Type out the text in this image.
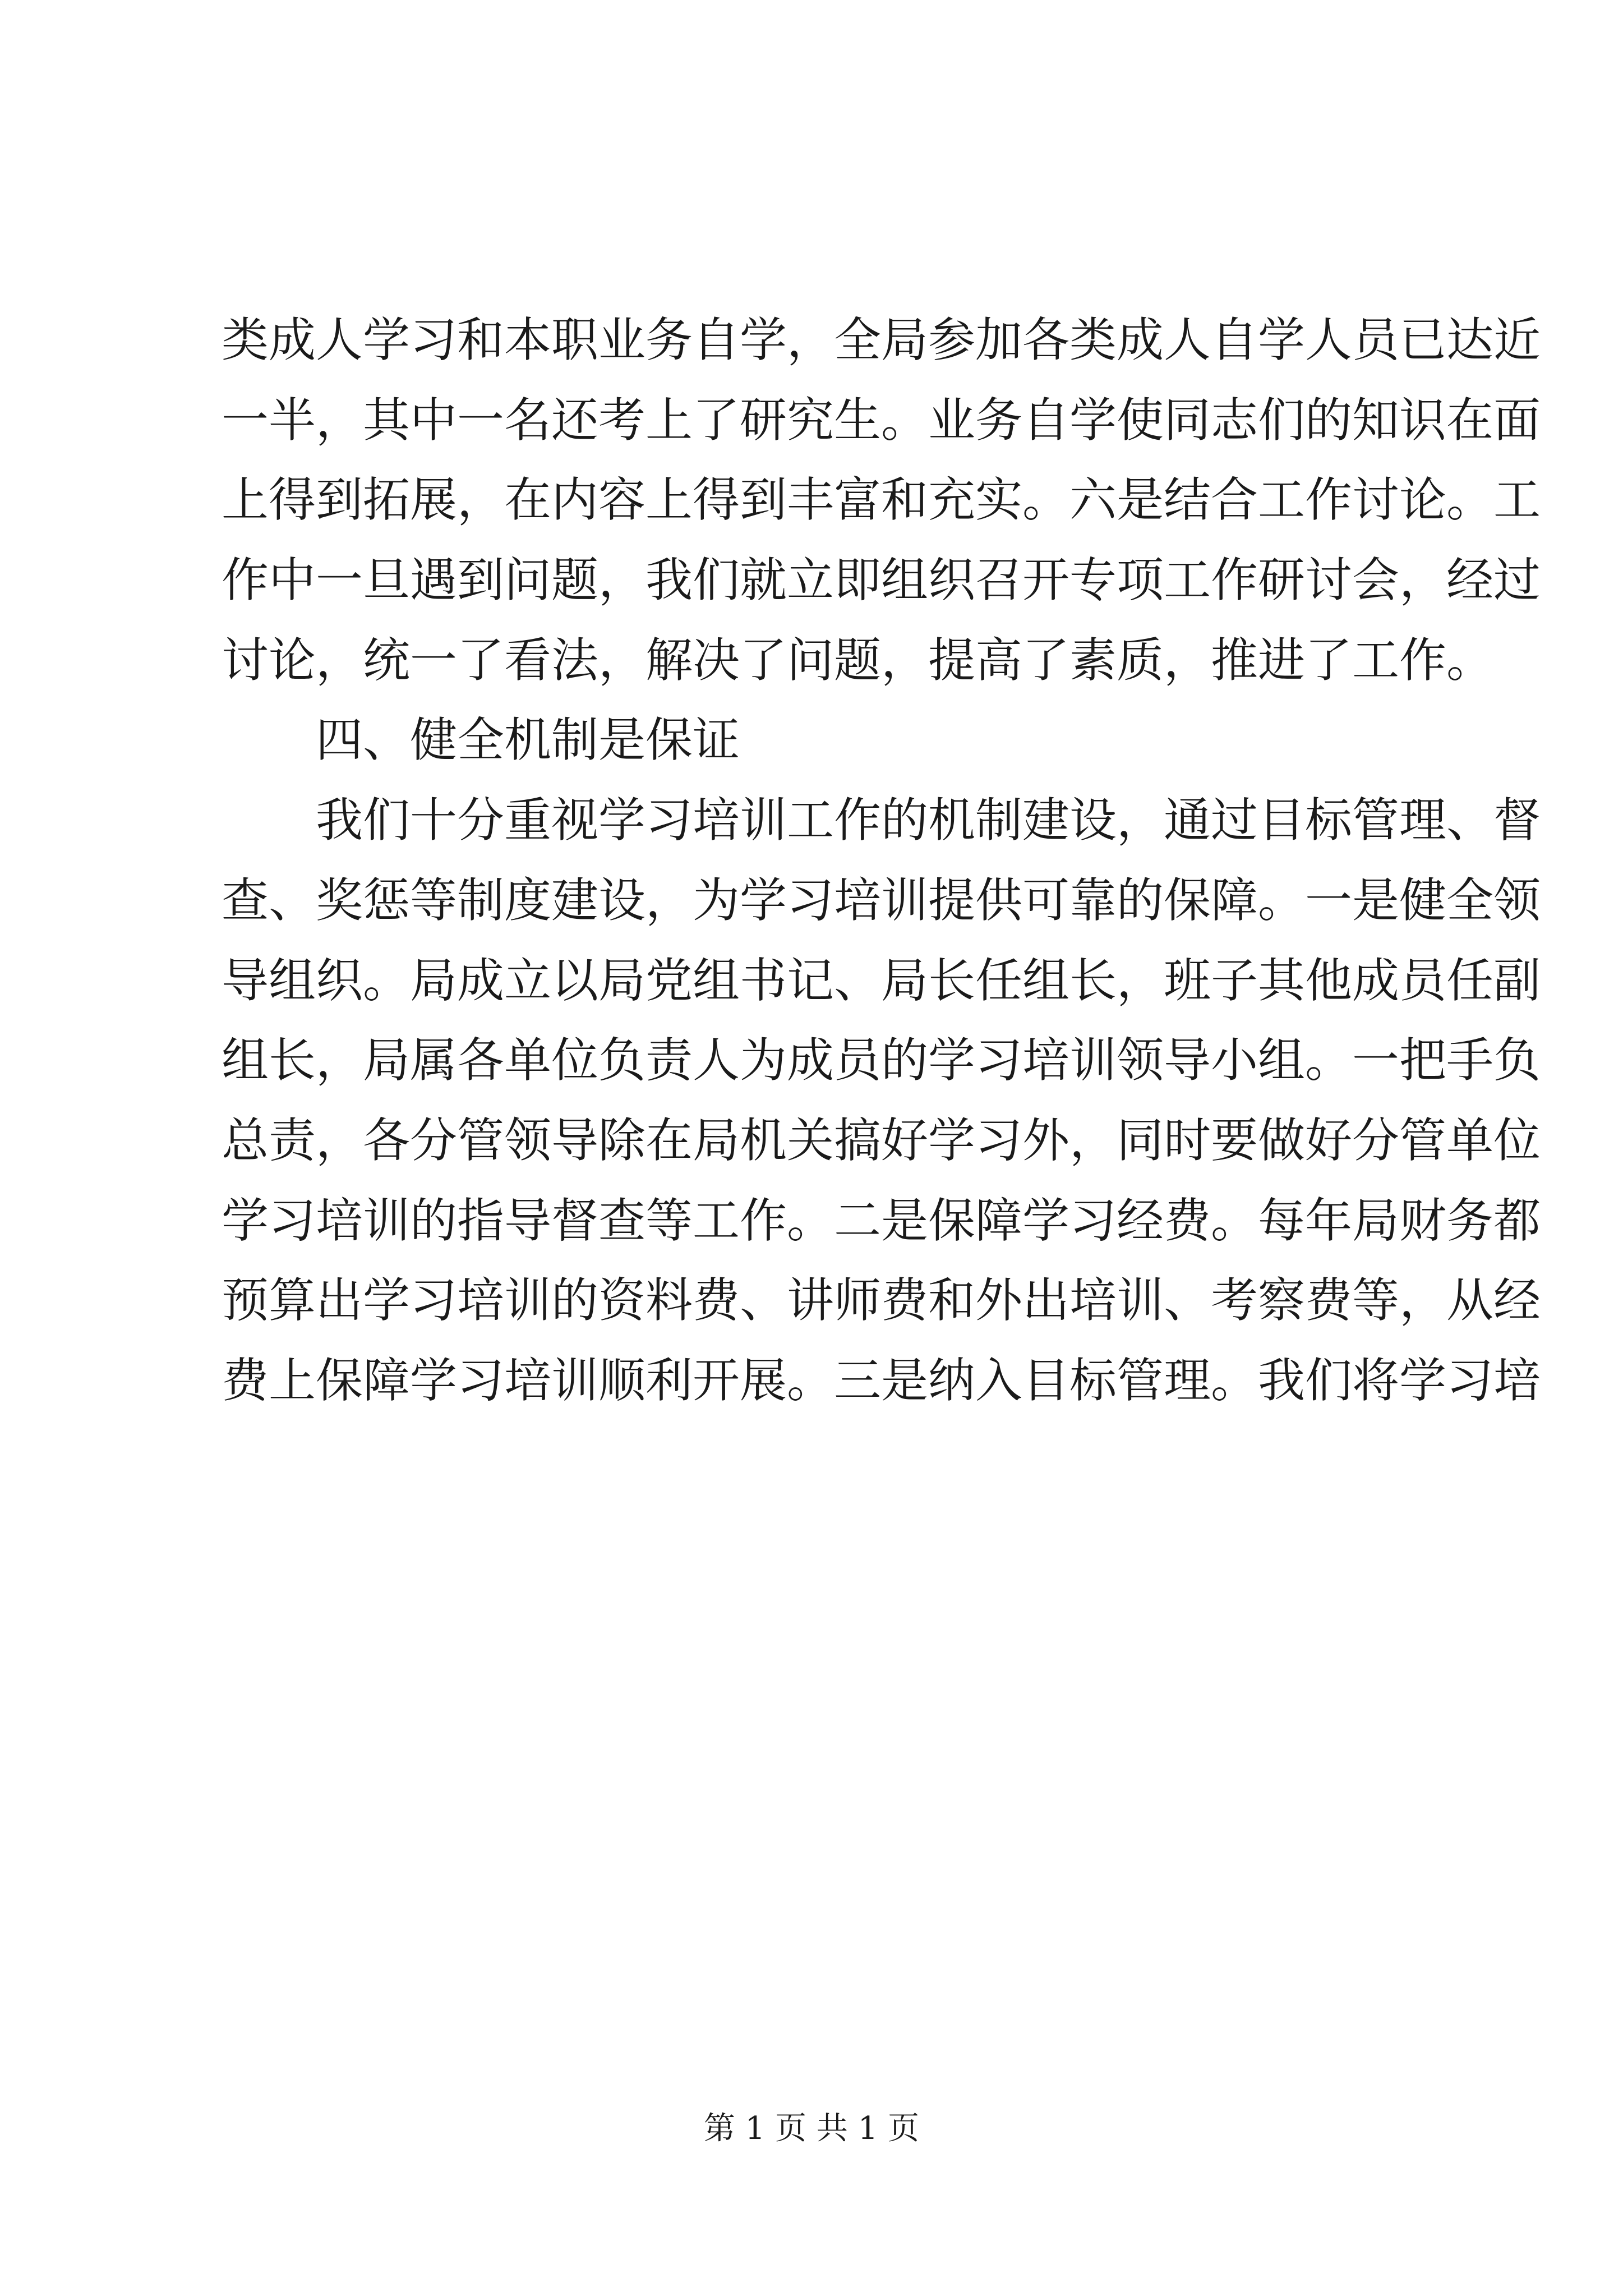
类成人学习和本职业务自学，全局参加各类成人自学人员已达近
一半，其中一名还考上了研究生。业务自学使同志们的知识在面
上得到拓展，在内容上得到丰富和充实。六是结合工作讨论。工
作中一旦遇到问题，我们就立即组织召开专项工作研讨会，经过
讨论，统一了看法，解决了问题，提高了素质，推进了工作。
四、健全机制是保证
我们十分重视学习培训工作的机制建设，通过目标管理、督
查、奖惩等制度建设，为学习培训提供可靠的保障。一是健全领
导组织。局成立以局党组书记、局长任组长，班子其他成员任副
组长，局属各单位负责人为成员的学习培训领导小组。一把手负
总责，各分管领导除在局机关搞好学习外，同时要做好分管单位
学习培训的指导督查等工作。二是保障学习经费。每年局财务都
预算出学习培训的资料费、讲师费和外出培训、考察费等，从经
费上保障学习培训顺利开展。三是纳入目标管理。我们将学习培
第 1 页 共 1 页
